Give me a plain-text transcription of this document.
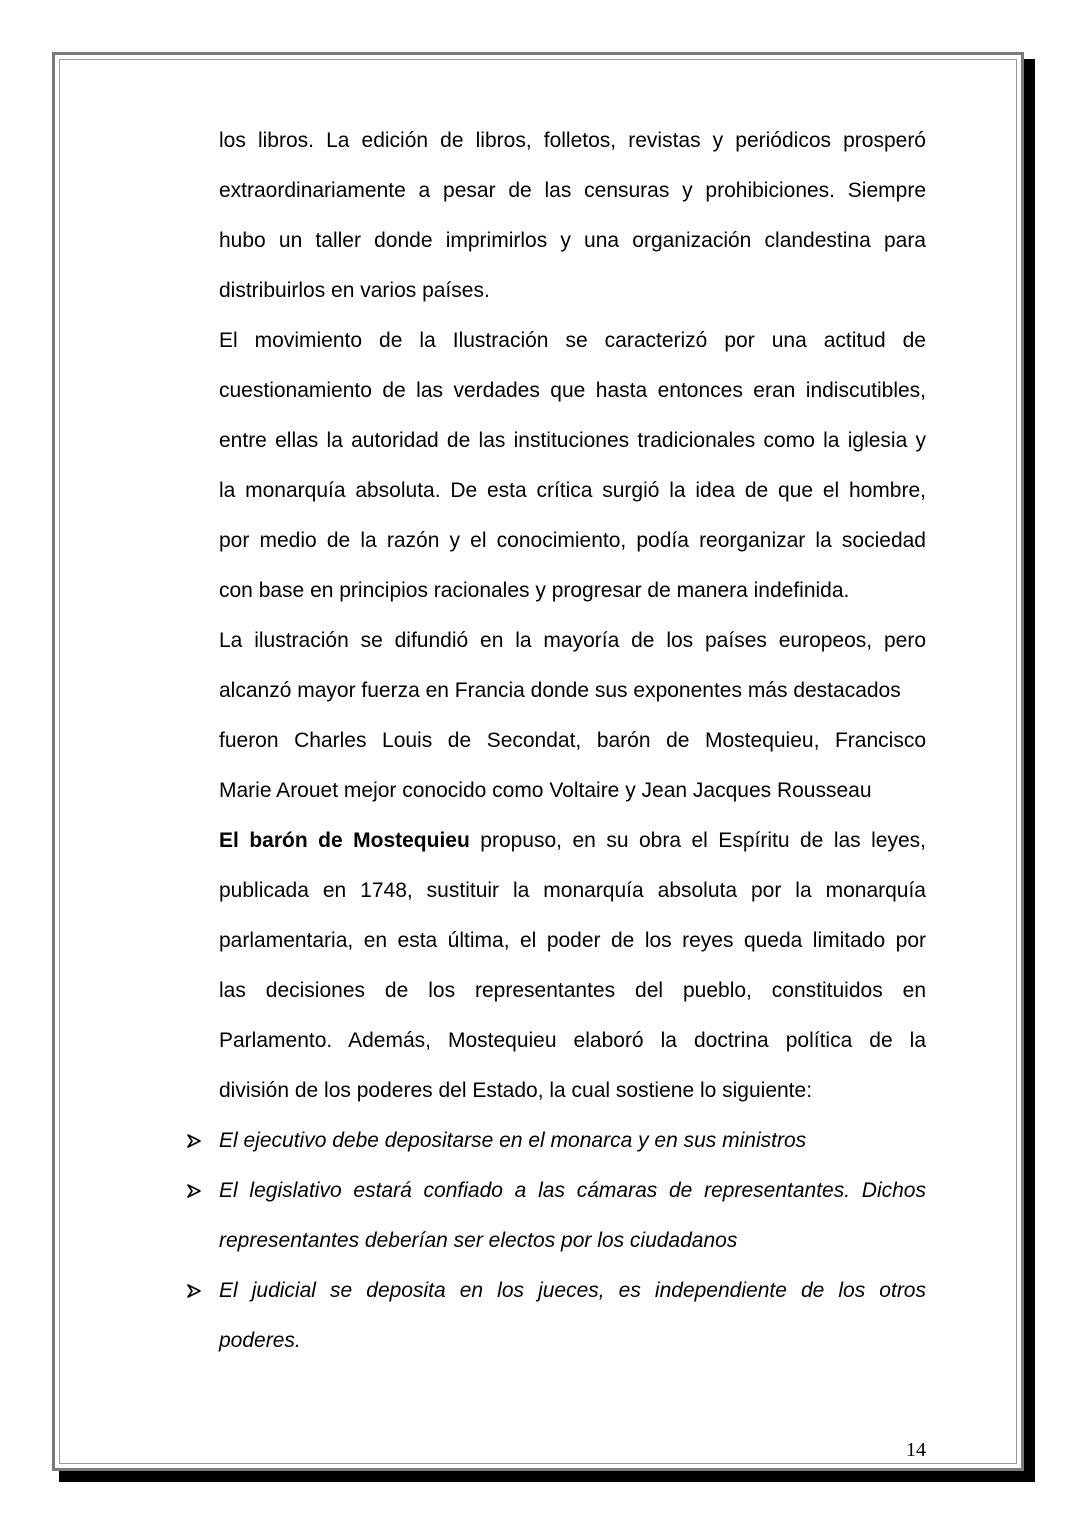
los libros. La edición de libros, folletos, revistas y periódicos prosperó
extraordinariamente a pesar de las censuras y prohibiciones. Siempre
hubo un taller donde imprimirlos y una organización clandestina para
distribuirlos en varios países.
El movimiento de la Ilustración se caracterizó por una actitud de
cuestionamiento de las verdades que hasta entonces eran indiscutibles,
entre ellas la autoridad de las instituciones tradicionales como la iglesia y
la monarquía absoluta. De esta crítica surgió la idea de que el hombre,
por medio de la razón y el conocimiento, podía reorganizar la sociedad
con base en principios racionales y progresar de manera indefinida.
La ilustración se difundió en la mayoría de los países europeos, pero
alcanzó mayor fuerza en Francia donde sus exponentes más destacados
fueron Charles Louis de Secondat, barón de Mostequieu, Francisco
Marie Arouet mejor conocido como Voltaire y Jean Jacques Rousseau
El barón de Mostequieu propuso, en su obra el Espíritu de las leyes,
publicada en 1748, sustituir la monarquía absoluta por la monarquía
parlamentaria, en esta última, el poder de los reyes queda limitado por
las decisiones de los representantes del pueblo, constituidos en
Parlamento. Además, Mostequieu elaboró la doctrina política de la
división de los poderes del Estado, la cual sostiene lo siguiente:
El ejecutivo debe depositarse en el monarca y en sus ministros
El legislativo estará confiado a las cámaras de representantes. Dichos
representantes deberían ser electos por los ciudadanos
El judicial se deposita en los jueces, es independiente de los otros
poderes.
14
